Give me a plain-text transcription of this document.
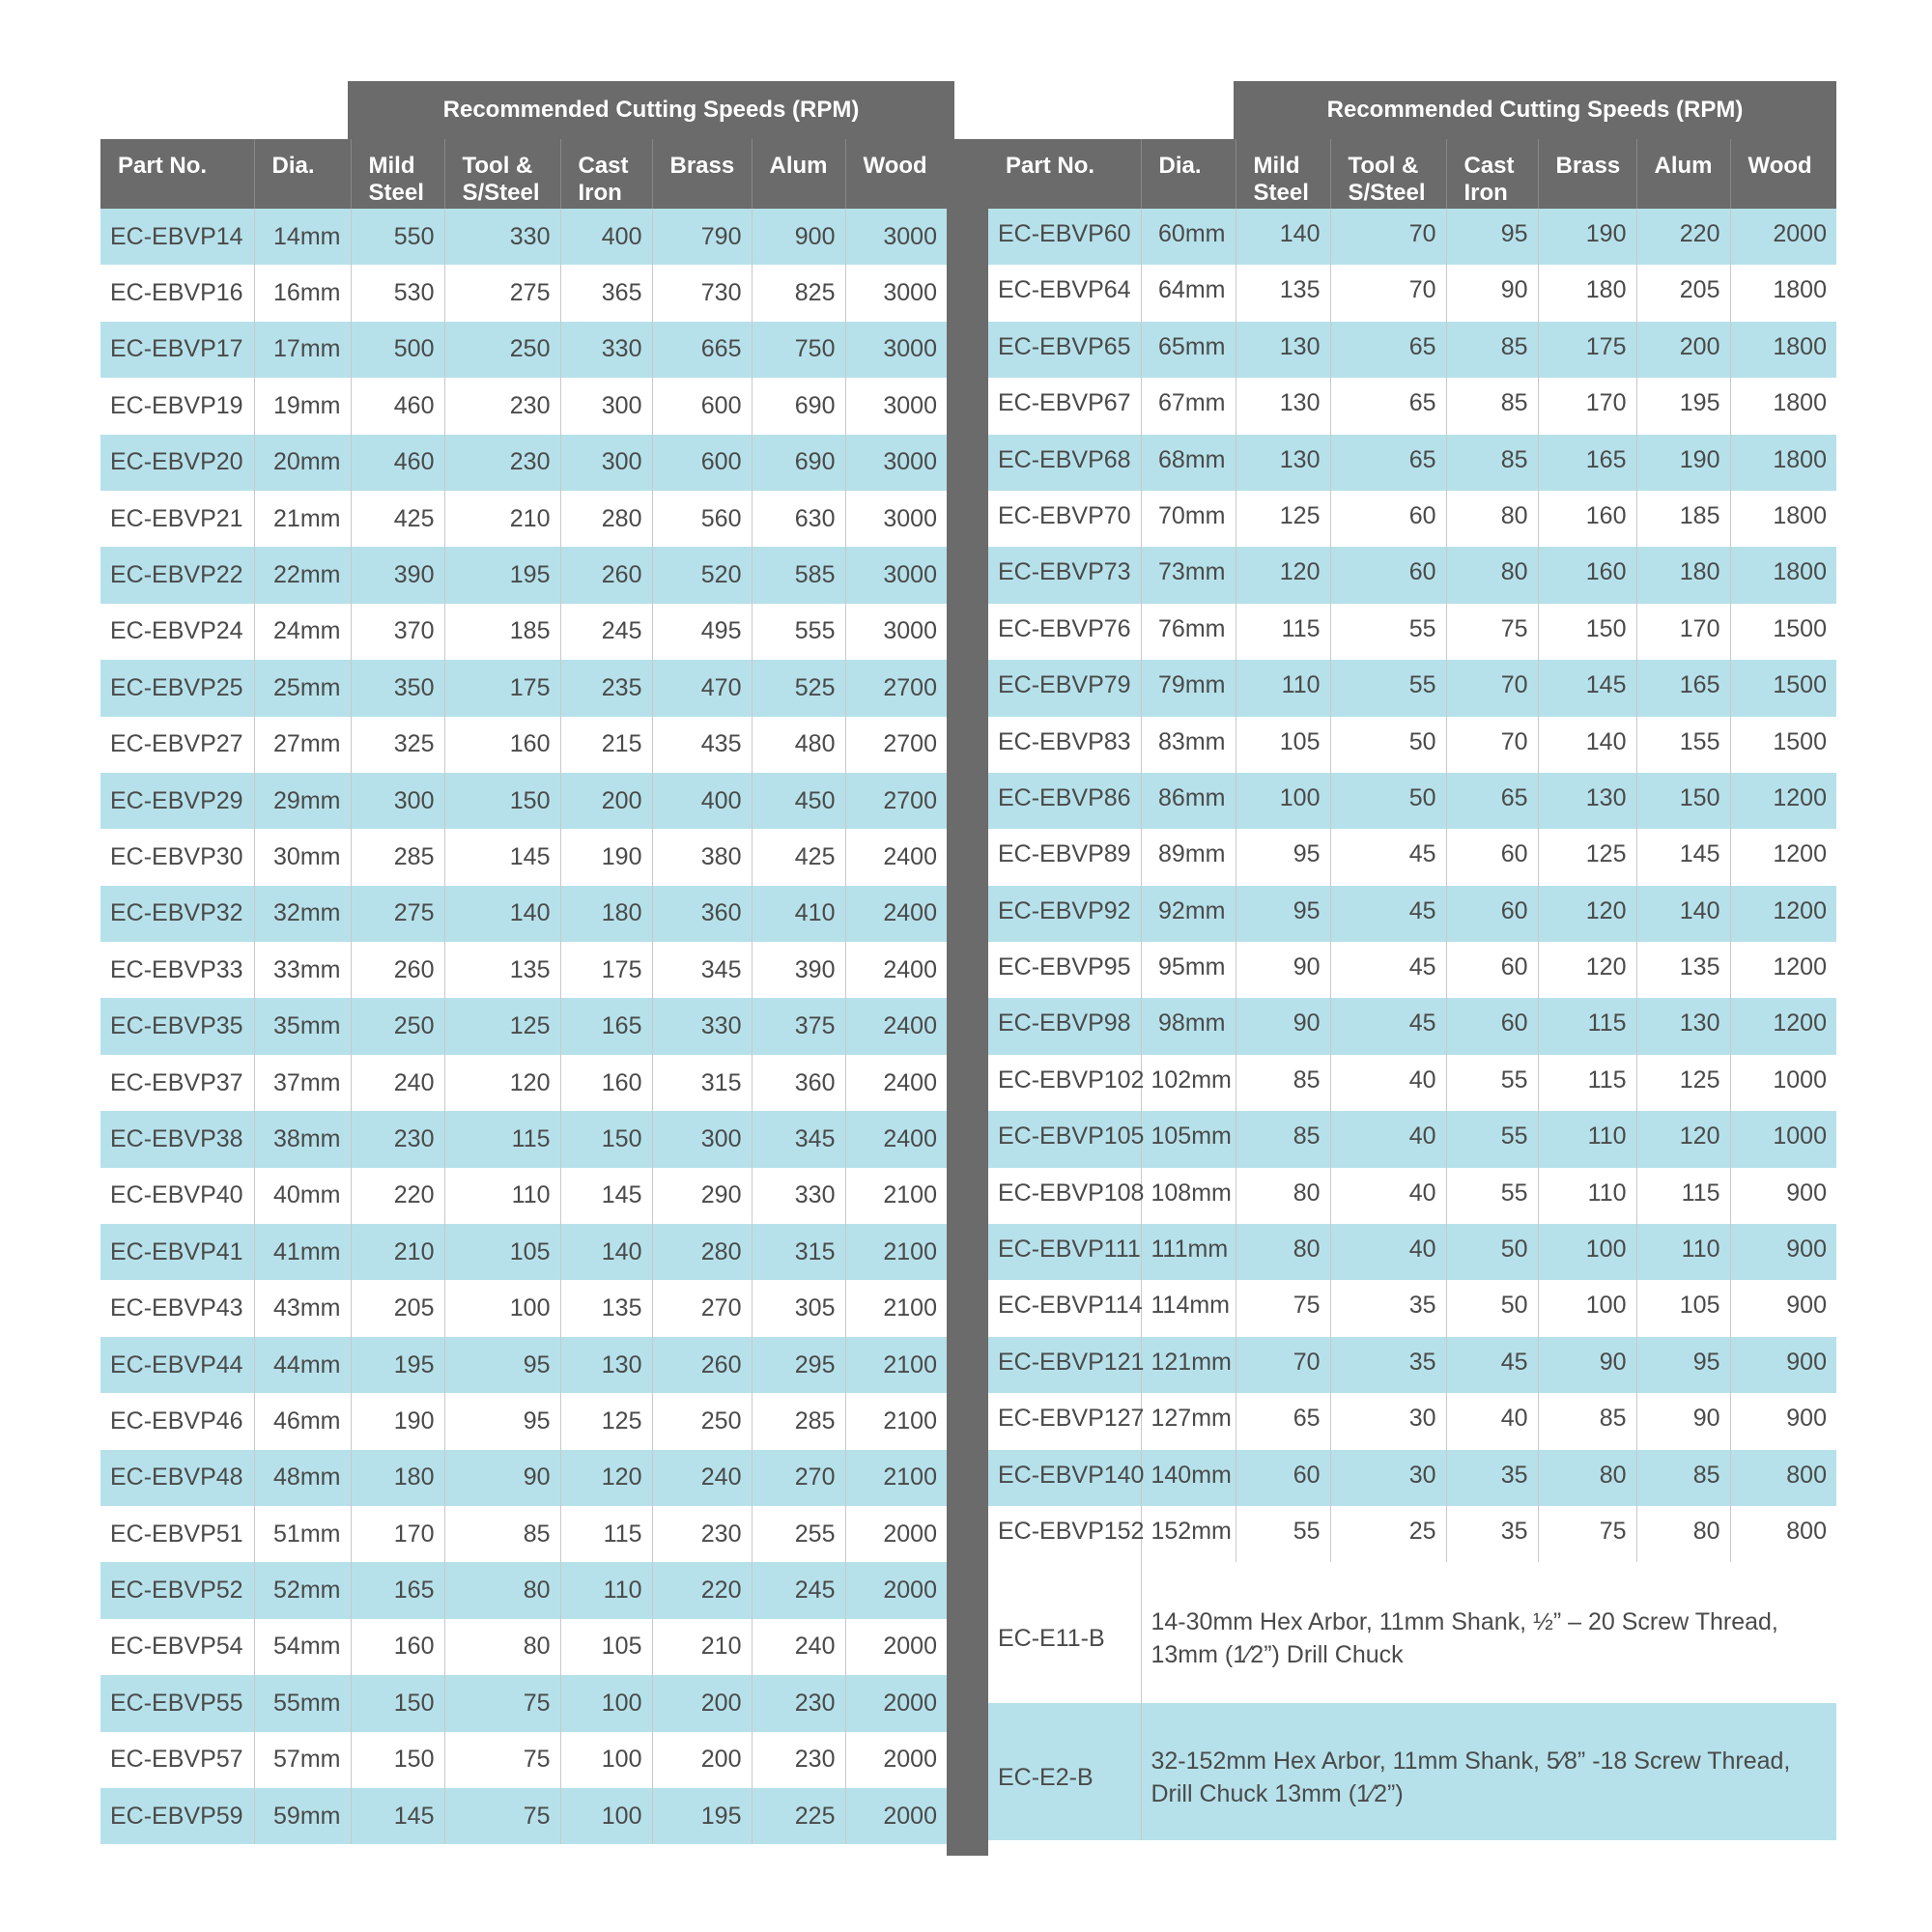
Recommended Cutting Speeds (RPM)
Part No.	Dia.	Mild
Steel	Tool &
S/Steel	Cast
Iron	Brass	Alum	Wood
EC-EBVP14	14mm	550	330	400	790	900	3000
EC-EBVP16	16mm	530	275	365	730	825	3000
EC-EBVP17	17mm	500	250	330	665	750	3000
EC-EBVP19	19mm	460	230	300	600	690	3000
EC-EBVP20	20mm	460	230	300	600	690	3000
EC-EBVP21	21mm	425	210	280	560	630	3000
EC-EBVP22	22mm	390	195	260	520	585	3000
EC-EBVP24	24mm	370	185	245	495	555	3000
EC-EBVP25	25mm	350	175	235	470	525	2700
EC-EBVP27	27mm	325	160	215	435	480	2700
EC-EBVP29	29mm	300	150	200	400	450	2700
EC-EBVP30	30mm	285	145	190	380	425	2400
EC-EBVP32	32mm	275	140	180	360	410	2400
EC-EBVP33	33mm	260	135	175	345	390	2400
EC-EBVP35	35mm	250	125	165	330	375	2400
EC-EBVP37	37mm	240	120	160	315	360	2400
EC-EBVP38	38mm	230	115	150	300	345	2400
EC-EBVP40	40mm	220	110	145	290	330	2100
EC-EBVP41	41mm	210	105	140	280	315	2100
EC-EBVP43	43mm	205	100	135	270	305	2100
EC-EBVP44	44mm	195	95	130	260	295	2100
EC-EBVP46	46mm	190	95	125	250	285	2100
EC-EBVP48	48mm	180	90	120	240	270	2100
EC-EBVP51	51mm	170	85	115	230	255	2000
EC-EBVP52	52mm	165	80	110	220	245	2000
EC-EBVP54	54mm	160	80	105	210	240	2000
EC-EBVP55	55mm	150	75	100	200	230	2000
EC-EBVP57	57mm	150	75	100	200	230	2000
EC-EBVP59	59mm	145	75	100	195	225	2000
Recommended Cutting Speeds (RPM)
Part No.	Dia.	Mild
Steel	Tool &
S/Steel	Cast
Iron	Brass	Alum	Wood
EC-EBVP60	60mm	140	70	95	190	220	2000
EC-EBVP64	64mm	135	70	90	180	205	1800
EC-EBVP65	65mm	130	65	85	175	200	1800
EC-EBVP67	67mm	130	65	85	170	195	1800
EC-EBVP68	68mm	130	65	85	165	190	1800
EC-EBVP70	70mm	125	60	80	160	185	1800
EC-EBVP73	73mm	120	60	80	160	180	1800
EC-EBVP76	76mm	115	55	75	150	170	1500
EC-EBVP79	79mm	110	55	70	145	165	1500
EC-EBVP83	83mm	105	50	70	140	155	1500
EC-EBVP86	86mm	100	50	65	130	150	1200
EC-EBVP89	89mm	95	45	60	125	145	1200
EC-EBVP92	92mm	95	45	60	120	140	1200
EC-EBVP95	95mm	90	45	60	120	135	1200
EC-EBVP98	98mm	90	45	60	115	130	1200
EC-EBVP102	102mm	85	40	55	115	125	1000
EC-EBVP105	105mm	85	40	55	110	120	1000
EC-EBVP108	108mm	80	40	55	110	115	900
EC-EBVP111	111mm	80	40	50	100	110	900
EC-EBVP114	114mm	75	35	50	100	105	900
EC-EBVP121	121mm	70	35	45	90	95	900
EC-EBVP127	127mm	65	30	40	85	90	900
EC-EBVP140	140mm	60	30	35	80	85	800
EC-EBVP152	152mm	55	25	35	75	80	800
EC-E11-B	14-30mm Hex Arbor, 11mm Shank, ½” – 20 Screw Thread, 13mm (1⁄2”) Drill Chuck						
EC-E2-B	32-152mm Hex Arbor, 11mm Shank, 5⁄8” -18 Screw Thread, Drill Chuck 13mm (1⁄2”)						
